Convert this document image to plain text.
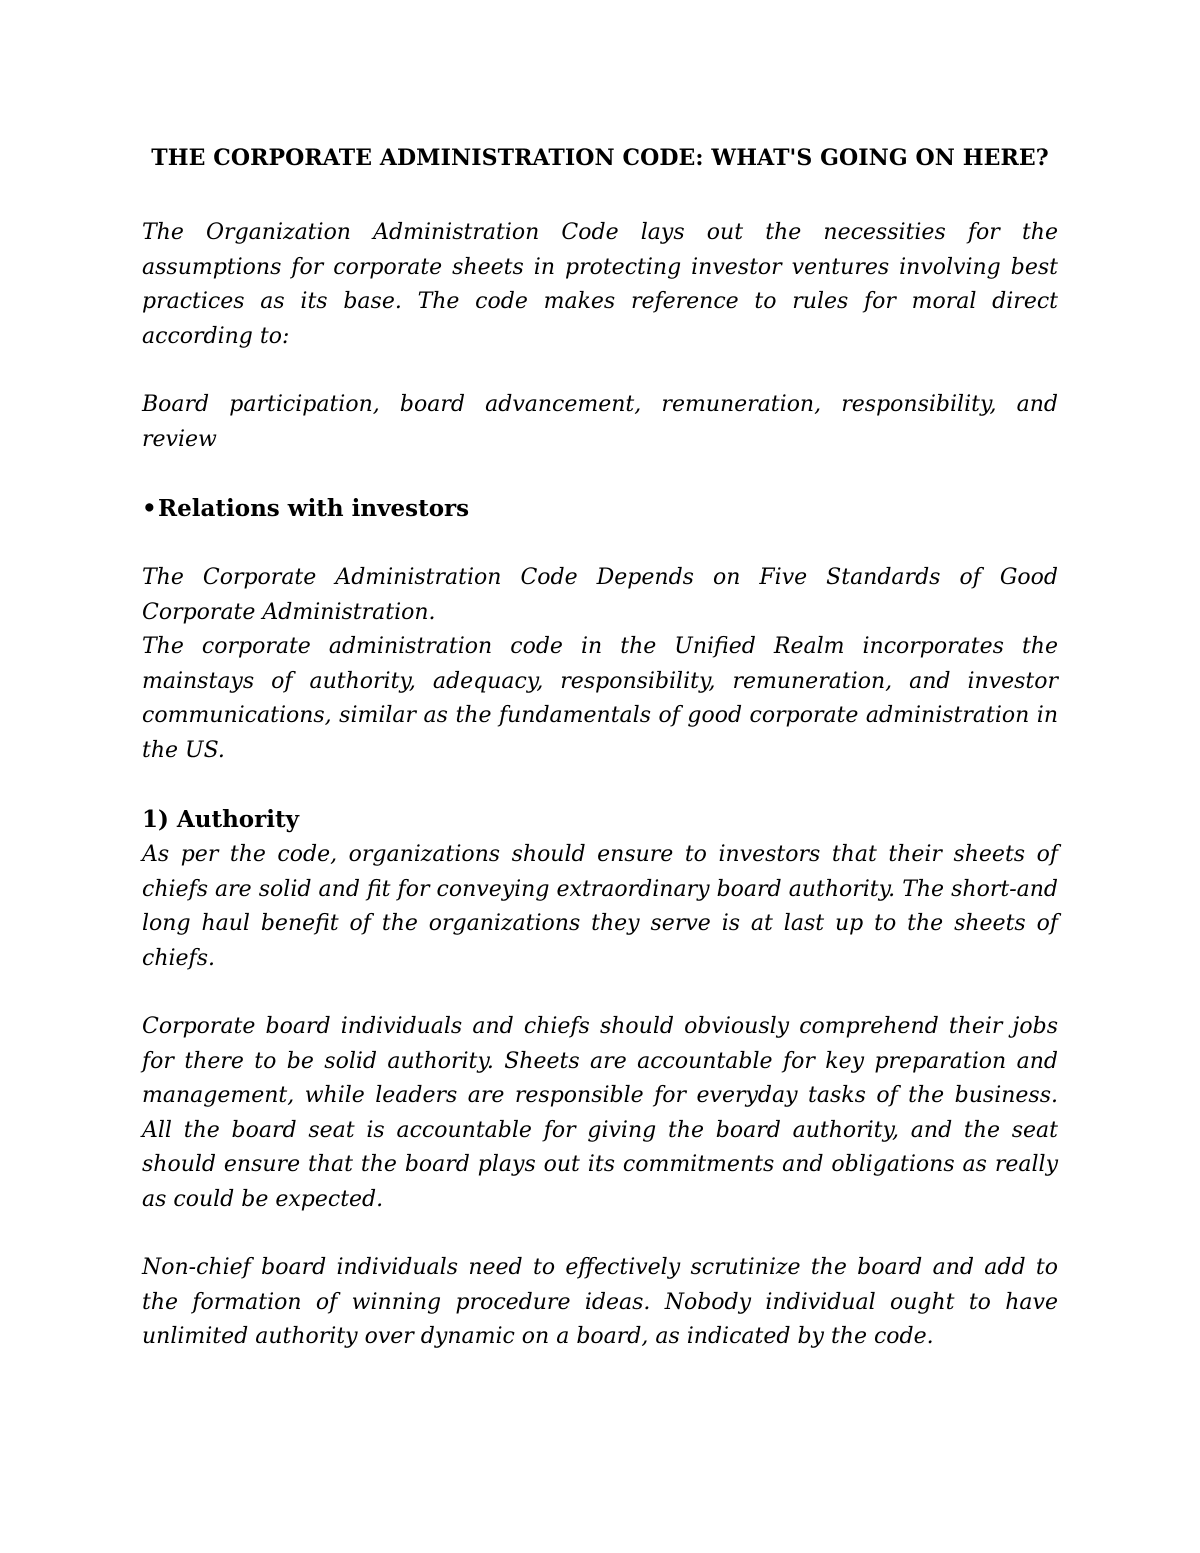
THE CORPORATE ADMINISTRATION CODE: WHAT'S GOING ON HERE?

The Organization Administration Code lays out the necessities for the assumptions for corporate sheets in protecting investor ventures involving best practices as its base. The code makes reference to rules for moral direct according to:

Board participation, board advancement, remuneration, responsibility, and review

•Relations with investors

The Corporate Administration Code Depends on Five Standards of Good Corporate Administration.

The corporate administration code in the Unified Realm incorporates the mainstays of authority, adequacy, responsibility, remuneration, and investor communications, similar as the fundamentals of good corporate administration in the US.

1) Authority

As per the code, organizations should ensure to investors that their sheets of chiefs are solid and fit for conveying extraordinary board authority. The short-and long haul benefit of the organizations they serve is at last up to the sheets of chiefs.

Corporate board individuals and chiefs should obviously comprehend their jobs for there to be solid authority. Sheets are accountable for key preparation and management, while leaders are responsible for everyday tasks of the business. All the board seat is accountable for giving the board authority, and the seat should ensure that the board plays out its commitments and obligations as really as could be expected.

Non-chief board individuals need to effectively scrutinize the board and add to the formation of winning procedure ideas. Nobody individual ought to have unlimited authority over dynamic on a board, as indicated by the code.
